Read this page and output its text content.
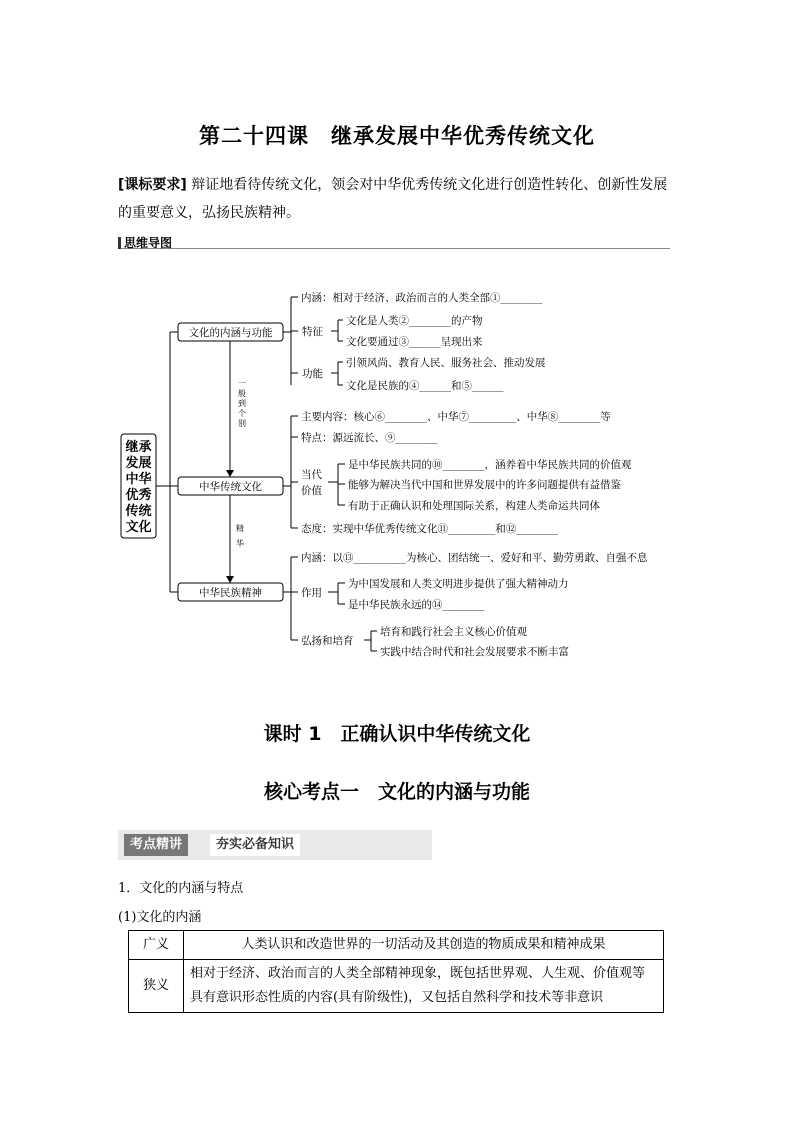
第二十四课　继承发展中华优秀传统文化
[课标要求] 辩证地看待传统文化，领会对中华优秀传统文化进行创造性转化、创新性发展的重要意义，弘扬民族精神。
思维导图
继承
发展
中华
优秀
传统
文化
文化的内涵与功能
中华传统文化
中华民族精神
一
般
到
个
别
精
华
内涵：相对于经济、政治而言的人类全部①________
特征
文化是人类②________的产物
文化要通过③______呈现出来
功能
引领风尚、教育人民、服务社会、推动发展
文化是民族的④______和⑤______
主要内容：核心⑥________、中华⑦_________、中华⑧________等
特点：源远流长、⑨________
当代
价值
是中华民族共同的⑩________，涵养着中华民族共同的价值观
能够为解决当代中国和世界发展中的许多问题提供有益借鉴
有助于正确认识和处理国际关系，构建人类命运共同体
态度：实现中华优秀传统文化⑪_________和⑫________
内涵：以⑬__________为核心、团结统一、爱好和平、勤劳勇敢、自强不息
作用
为中国发展和人类文明进步提供了强大精神动力
是中华民族永远的⑭________
弘扬和培育
培育和践行社会主义核心价值观
实践中结合时代和社会发展要求不断丰富
课时 1　正确认识中华传统文化
核心考点一　文化的内涵与功能
考点精讲	夯实必备知识
1．文化的内涵与特点
(1)文化的内涵
广义	人类认识和改造世界的一切活动及其创造的物质成果和精神成果
狭义	相对于经济、政治而言的人类全部精神现象，既包括世界观、人生观、价值观等具有意识形态性质的内容(具有阶级性)，又包括自然科学和技术等非意识
